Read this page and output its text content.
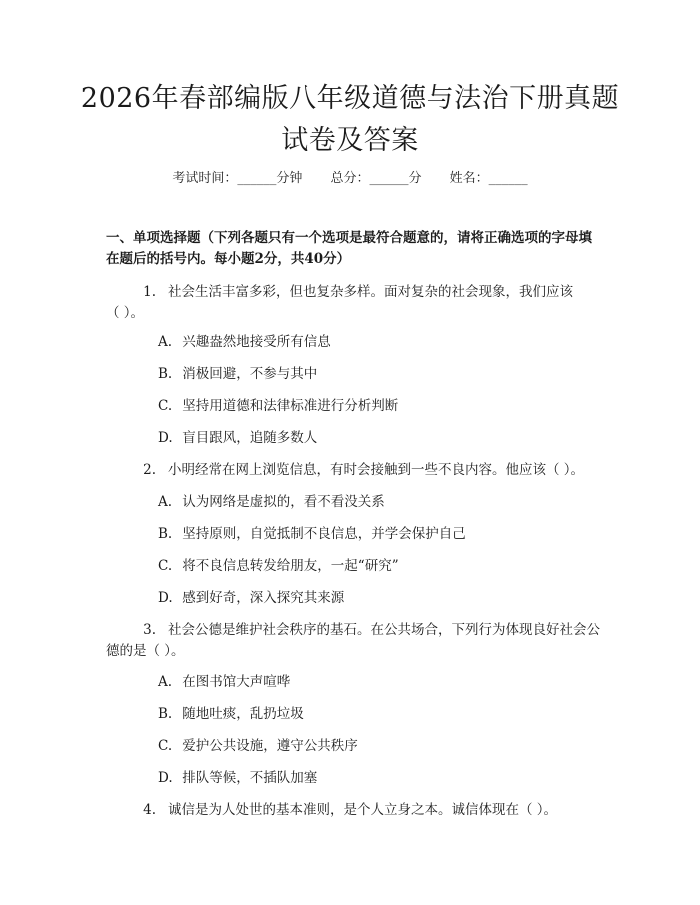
2026年春部编版八年级道德与法治下册真题
试卷及答案
考试时间：______分钟 总分：______分 姓名：______
一、单项选择题（下列各题只有一个选项是最符合题意的，请将正确选项的字母填在题后的括号内。每小题2分，共40分）
1. 社会生活丰富多彩，但也复杂多样。面对复杂的社会现象，我们应该
（ ）。
A. 兴趣盎然地接受所有信息
B. 消极回避，不参与其中
C. 坚持用道德和法律标准进行分析判断
D. 盲目跟风，追随多数人
2. 小明经常在网上浏览信息，有时会接触到一些不良内容。他应该（ ）。
A. 认为网络是虚拟的，看不看没关系
B. 坚持原则，自觉抵制不良信息，并学会保护自己
C. 将不良信息转发给朋友，一起“研究”
D. 感到好奇，深入探究其来源
3. 社会公德是维护社会秩序的基石。在公共场合，下列行为体现良好社会公
德的是（ ）。
A. 在图书馆大声喧哗
B. 随地吐痰，乱扔垃圾
C. 爱护公共设施，遵守公共秩序
D. 排队等候，不插队加塞
4. 诚信是为人处世的基本准则，是个人立身之本。诚信体现在（ ）。
